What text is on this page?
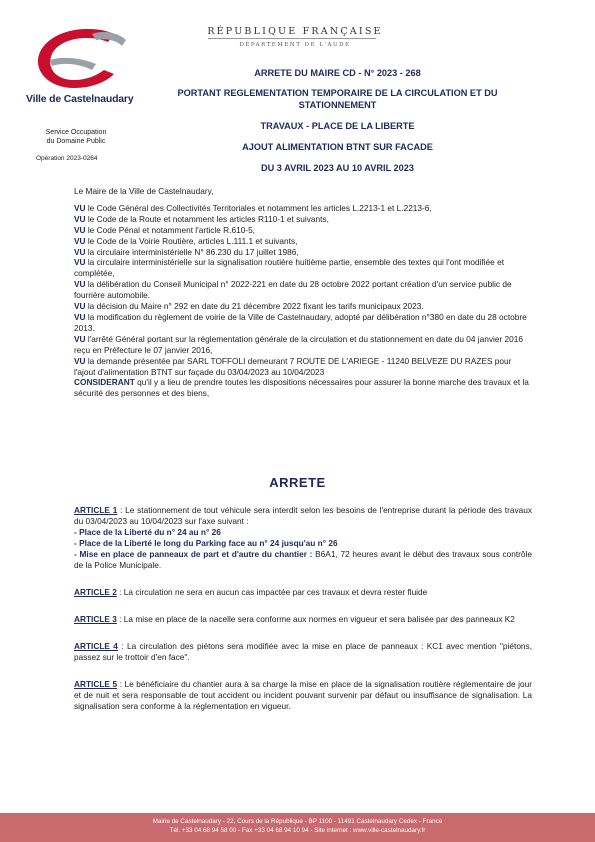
Ville de Castelnaudary
RÉPUBLIQUE FRANÇAISE
DÉPARTEMENT DE L'AUDE
Service Occupation
du Domaine Public
Opération 2023-0264
ARRETE DU MAIRE CD - N° 2023 - 268
PORTANT REGLEMENTATION TEMPORAIRE DE LA CIRCULATION ET DU
STATIONNEMENT
TRAVAUX - PLACE DE LA LIBERTE
AJOUT ALIMENTATION BTNT SUR FACADE
DU 3 AVRIL 2023 AU 10 AVRIL 2023

Le Maire de la Ville de Castelnaudary,

VU le Code Général des Collectivités Territoriales et notamment les articles L.2213-1 et L.2213-6,

VU le Code de la Route et notamment les articles R110-1 et suivants,

VU le Code Pénal et notamment l'article R.610-5,

VU le Code de la Voirie Routière, articles L.111.1 et suivants,

VU la circulaire interministérielle N° 86.230 du 17 juillet 1986,

VU la circulaire interministérielle sur la signalisation routière huitième partie, ensemble des textes qui l'ont modifiée et complétée,

VU la délibération du Conseil Municipal n° 2022-221 en date du 28 octobre 2022 portant création d'un service public de fourrière automobile.

VU la décision du Maire n° 292 en date du 21 décembre 2022 fixant les tarifs municipaux 2023.

VU la modification du règlement de voirie de la Ville de Castelnaudary, adopté par délibération n°380 en date du 28 octobre 2013.

VU l'arrêté Général portant sur la réglementation générale de la circulation et du stationnement en date du 04 janvier 2016 reçu en Préfecture le 07 janvier 2016,

VU la demande présentée par SARL TOFFOLI demeurant 7 ROUTE DE L'ARIEGE - 11240 BELVEZE DU RAZES pour l'ajout d'alimentation BTNT sur façade du 03/04/2023 au 10/04/2023

CONSIDERANT qu'il y a lieu de prendre toutes les dispositions nécessaires pour assurer la bonne marche des travaux et la sécurité des personnes et des biens,

ARRETE
ARTICLE 1 : Le stationnement de tout véhicule sera interdit selon les besoins de l'entreprise durant la période des travaux du 03/04/2023 au 10/04/2023 sur l'axe suivant :
- Place de la Liberté du n° 24 au n° 26
- Place de la Liberté le long du Parking face au n° 24 jusqu'au n° 26
- Mise en place de panneaux de part et d'autre du chantier : B6A1, 72 heures avant le début des travaux sous contrôle de la Police Municipale.
ARTICLE 2 : La circulation ne sera en aucun cas impactée par ces travaux et devra rester fluide
ARTICLE 3 : La mise en place de la nacelle sera conforme aux normes en vigueur et sera balisée par des panneaux K2
ARTICLE 4 : La circulation des piétons sera modifiée avec la mise en place de panneaux : KC1 avec mention "piétons, passez sur le trottoir d'en face".
ARTICLE 5 : Le bénéficiaire du chantier aura à sa charge la mise en place de la signalisation routière réglementaire de jour et de nuit et sera responsable de tout accident ou incident pouvant survenir par défaut ou insuffisance de signalisation. La signalisation sera conforme à la réglementation en vigueur.
Mairie de Castelnaudary - 22, Cours de la République - BP 1100 - 11491 Castelnaudary Cedex - France
Tél. +33 04 68 94 58 00 - Fax +33 04 68 94 10 94 - Site internet : www.ville-castelnaudary.fr
